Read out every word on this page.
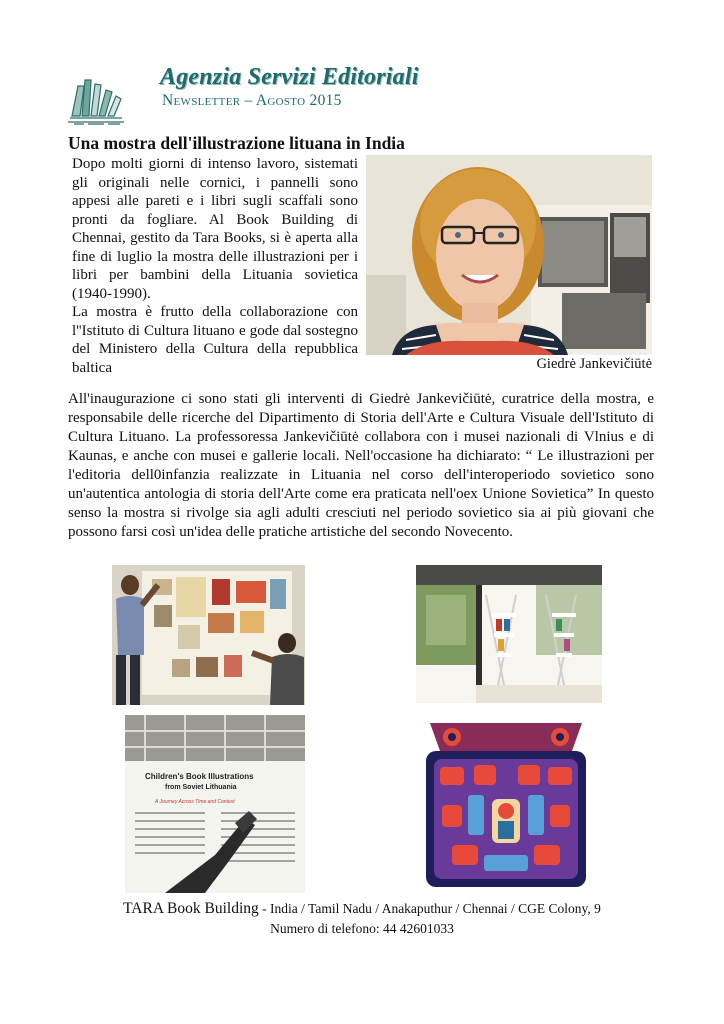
Agenzia Servizi Editoriali
Newsletter – Agosto 2015
Una mostra dell'illustrazione lituana in India

Dopo molti giorni di intenso lavoro, sistemati gli originali nelle cornici, i pannelli sono appesi alle pareti e i libri sugli scaffali sono pronti da fogliare. Al Book Building di Chennai, gestito da Tara Books, si è aperta alla fine di luglio la mostra delle illustrazioni per i libri per bambini della Lituania sovietica (1940-1990).

La mostra è frutto della collaborazione con l''Istituto di Cultura lituano e gode dal sostegno del Ministero della Cultura della repubblica baltica	Giedrė Jankevičiūtė
All'inaugurazione ci sono stati gli interventi di Giedrė Jankevičiūtė, curatrice della mostra, e responsabile delle ricerche del Dipartimento di Storia dell'Arte e Cultura Visuale dell'Istituto di Cultura Lituano. La professoressa Jankevičiūtė collabora con i musei nazionali di Vlnius e di Kaunas, e anche con musei e gallerie locali. Nell'occasione ha dichiarato: “ Le illustrazioni per l'editoria dell0infanzia realizzate in Lituania nel corso dell'interoperiodo sovietico sono un'autentica antologia di storia dell'Arte come era praticata nell'oex Unione Sovietica” In questo senso la mostra si rivolge sia agli adulti cresciuti nel periodo sovietico sia ai più giovani che possono farsi così un'idea delle pratiche artistiche del secondo Novecento.
Children's Book Illustrations
from Soviet Lithuania
A Journey Across Time and Context
TARA Book Building - India / Tamil Nadu / Anakaputhur / Chennai / CGE Colony, 9
Numero di telefono: 44 42601033
